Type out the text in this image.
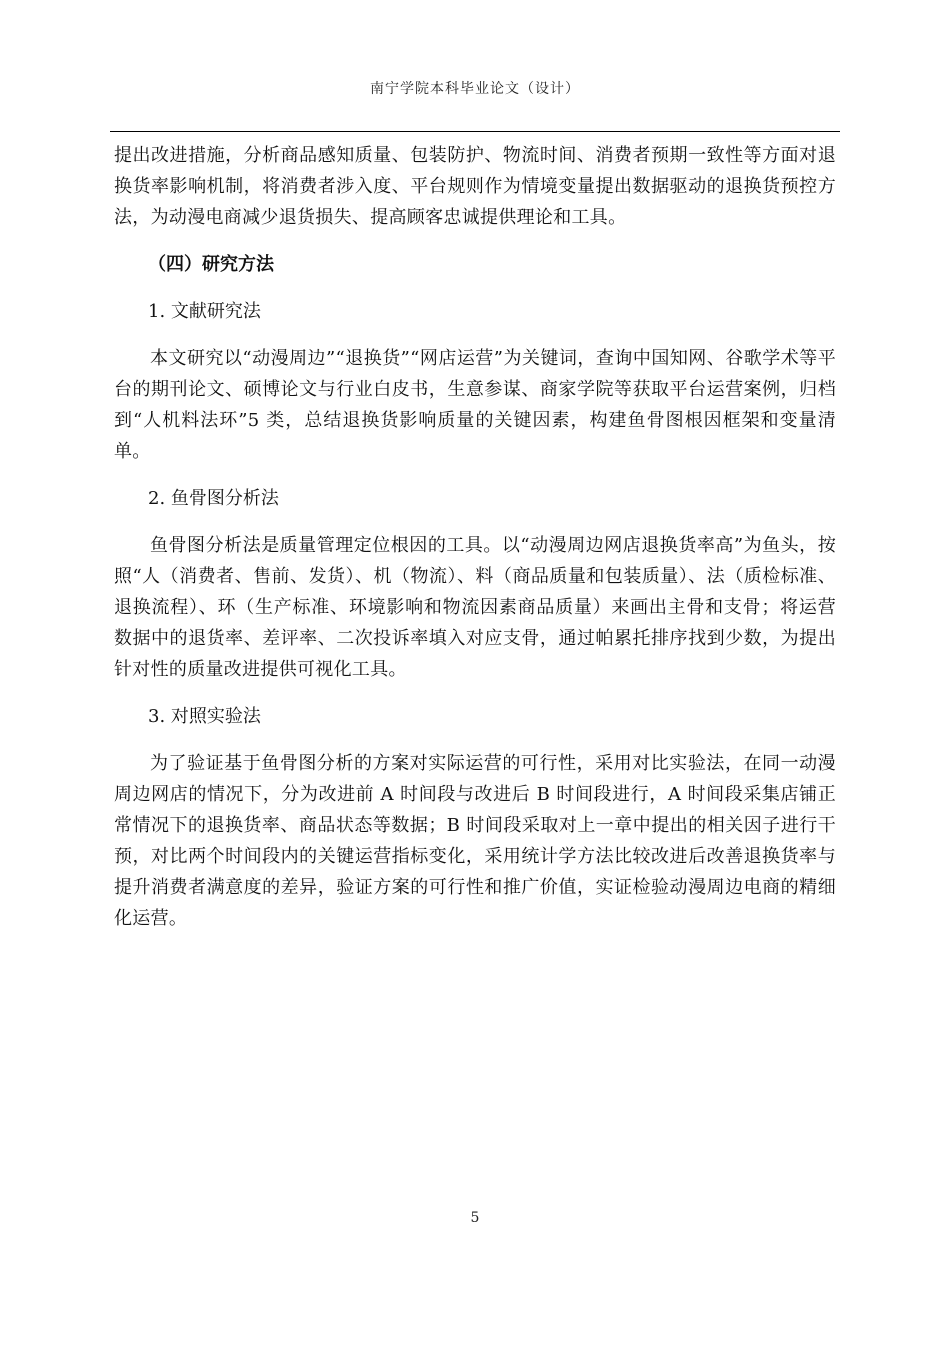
南宁学院本科毕业论文（设计）

提出改进措施，分析商品感知质量、包装防护、物流时间、消费者预期一致性等方面对退换货率影响机制，将消费者涉入度、平台规则作为情境变量提出数据驱动的退换货预控方法，为动漫电商减少退货损失、提高顾客忠诚提供理论和工具。

（四）研究方法

1. 文献研究法

本文研究以“动漫周边”“退换货”“网店运营”为关键词，查询中国知网、谷歌学术等平台的期刊论文、硕博论文与行业白皮书，生意参谋、商家学院等获取平台运营案例，归档到“人机料法环”5 类，总结退换货影响质量的关键因素，构建鱼骨图根因框架和变量清单。

2. 鱼骨图分析法

鱼骨图分析法是质量管理定位根因的工具。以“动漫周边网店退换货率高”为鱼头，按照“人（消费者、售前、发货）、机（物流）、料（商品质量和包装质量）、法（质检标准、退换流程）、环（生产标准、环境影响和物流因素商品质量）来画出主骨和支骨；将运营数据中的退货率、差评率、二次投诉率填入对应支骨，通过帕累托排序找到少数，为提出针对性的质量改进提供可视化工具。

3. 对照实验法

为了验证基于鱼骨图分析的方案对实际运营的可行性，采用对比实验法，在同一动漫周边网店的情况下，分为改进前 A 时间段与改进后 B 时间段进行，A 时间段采集店铺正常情况下的退换货率、商品状态等数据；B 时间段采取对上一章中提出的相关因子进行干预，对比两个时间段内的关键运营指标变化，采用统计学方法比较改进后改善退换货率与提升消费者满意度的差异，验证方案的可行性和推广价值，实证检验动漫周边电商的精细化运营。

5
